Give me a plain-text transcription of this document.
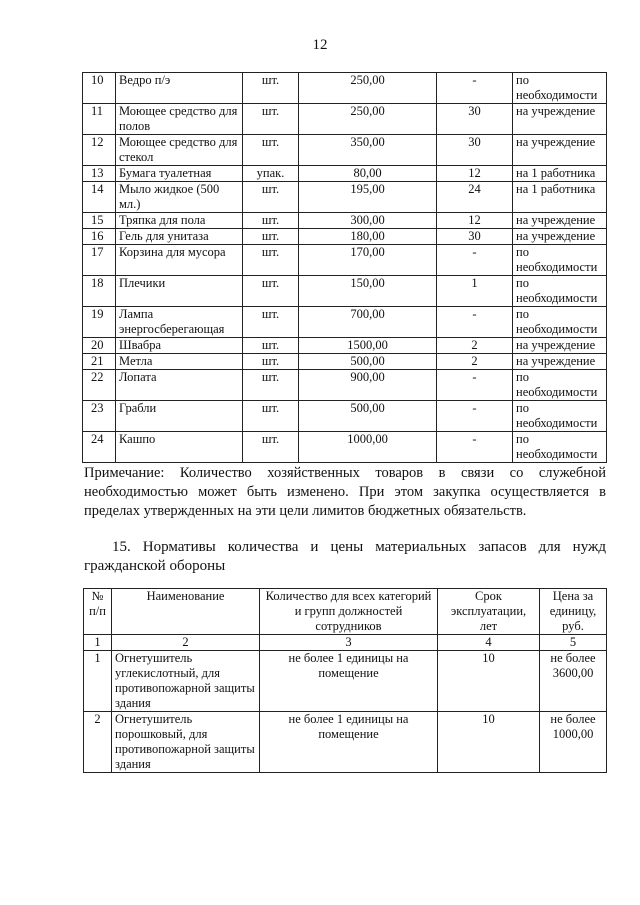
12
10	Ведро п/э	шт.	250,00	-	по необходимости
11	Моющее средство для полов	шт.	250,00	30	на учреждение
12	Моющее средство для стекол	шт.	350,00	30	на учреждение
13	Бумага туалетная	упак.	80,00	12	на 1 работника
14	Мыло жидкое (500 мл.)	шт.	195,00	24	на 1 работника
15	Тряпка для пола	шт.	300,00	12	на учреждение
16	Гель для унитаза	шт.	180,00	30	на учреждение
17	Корзина для мусора	шт.	170,00	-	по необходимости
18	Плечики	шт.	150,00	1	по необходимости
19	Лампа энергосберегающая	шт.	700,00	-	по необходимости
20	Швабра	шт.	1500,00	2	на учреждение
21	Метла	шт.	500,00	2	на учреждение
22	Лопата	шт.	900,00	-	по необходимости
23	Грабли	шт.	500,00	-	по необходимости
24	Кашпо	шт.	1000,00	-	по необходимости
Примечание: Количество хозяйственных товаров в связи со служебной необходимостью может быть изменено. При этом закупка осуществляется в пределах утвержденных на эти цели лимитов бюджетных обязательств.
15. Нормативы количества и цены материальных запасов для нужд гражданской обороны
№ п/п	Наименование	Количество для всех категорий и групп должностей сотрудников	Срок эксплуатации, лет	Цена за единицу, руб.
1	2	3	4	5
1	Огнетушитель углекислотный, для противопожарной защиты здания	не более 1 единицы на помещение	10	не более 3600,00
2	Огнетушитель порошковый, для противопожарной защиты здания	не более 1 единицы на помещение	10	не более 1000,00
